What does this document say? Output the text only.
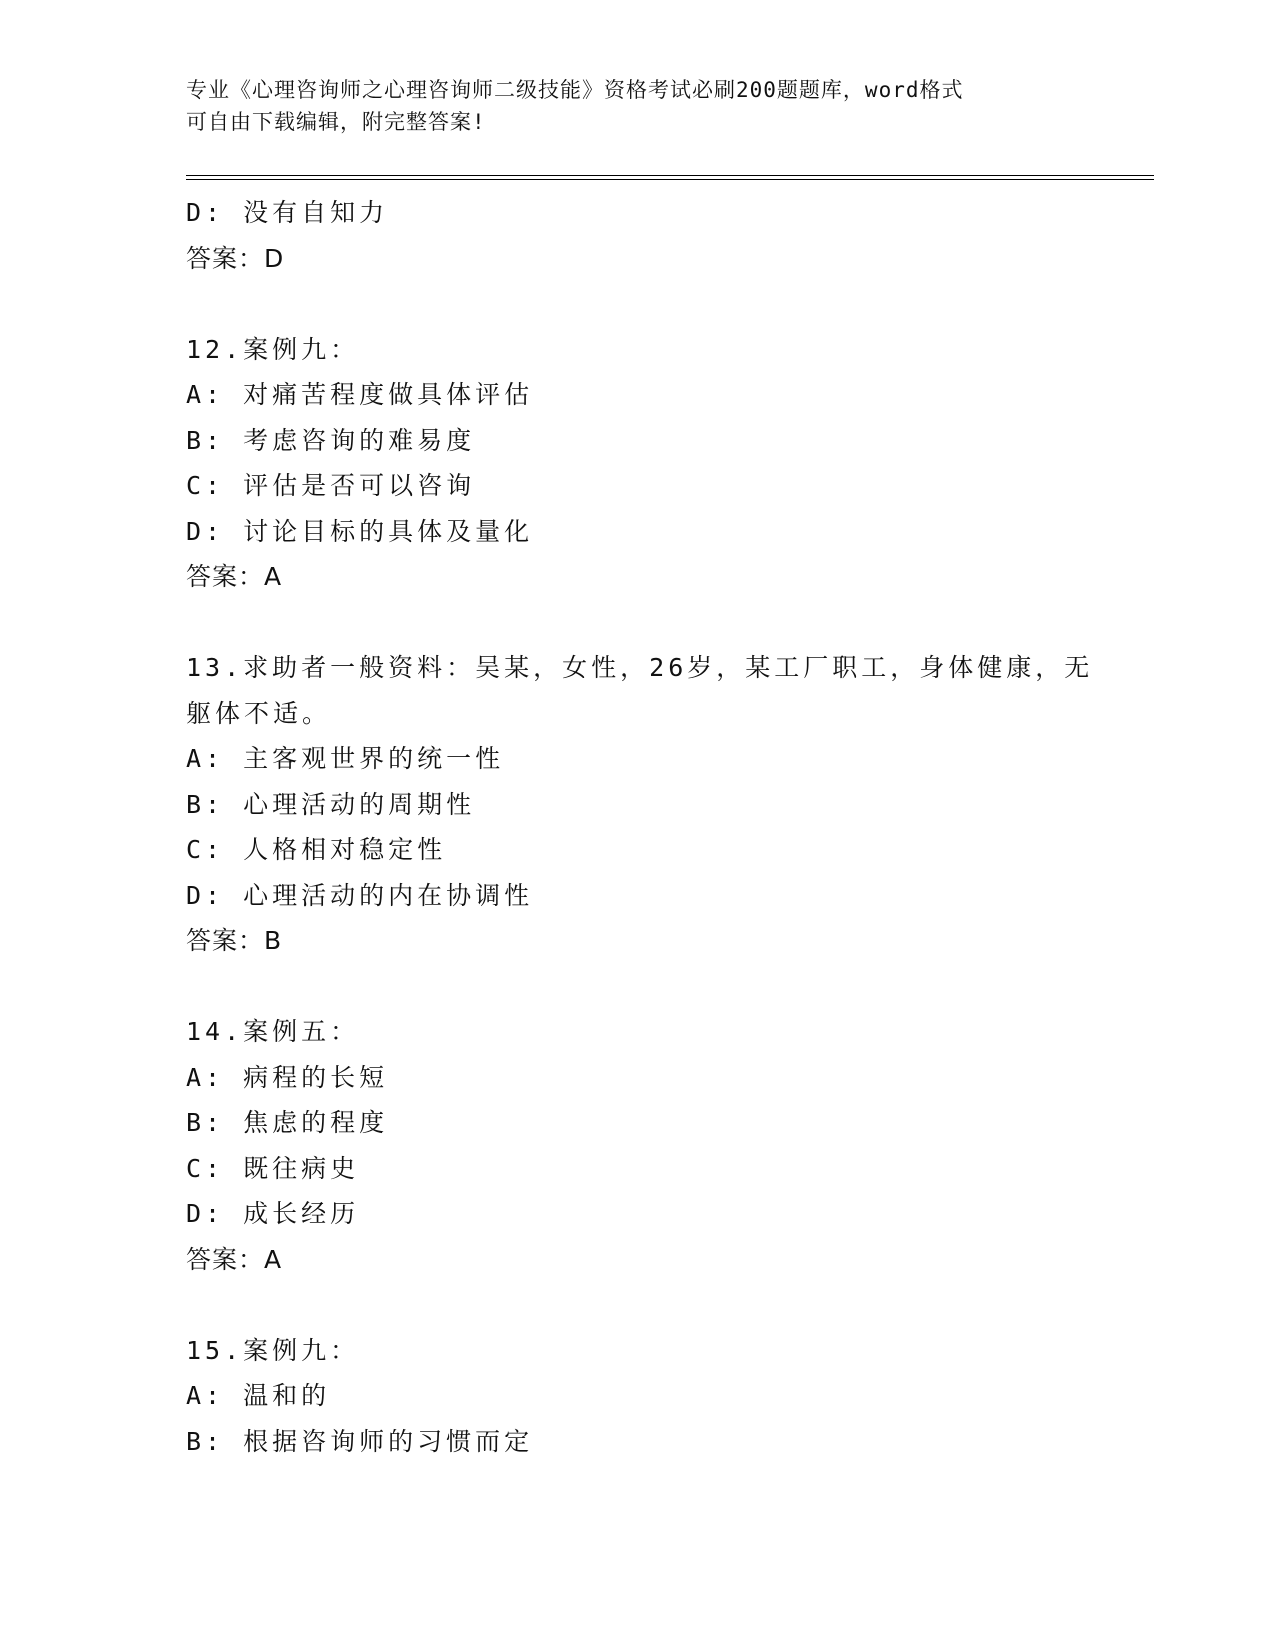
专业《心理咨询师之心理咨询师二级技能》资格考试必刷200题题库，word格式
可自由下载编辑，附完整答案!
D: 没有自知力
答案：D
12.案例九：
A: 对痛苦程度做具体评估
B: 考虑咨询的难易度
C: 评估是否可以咨询
D: 讨论目标的具体及量化
答案：A
13.求助者一般资料：吴某，女性，26岁，某工厂职工，身体健康，无
躯体不适。
A: 主客观世界的统一性
B: 心理活动的周期性
C: 人格相对稳定性
D: 心理活动的内在协调性
答案：B
14.案例五：
A: 病程的长短
B: 焦虑的程度
C: 既往病史
D: 成长经历
答案：A
15.案例九：
A: 温和的
B: 根据咨询师的习惯而定
